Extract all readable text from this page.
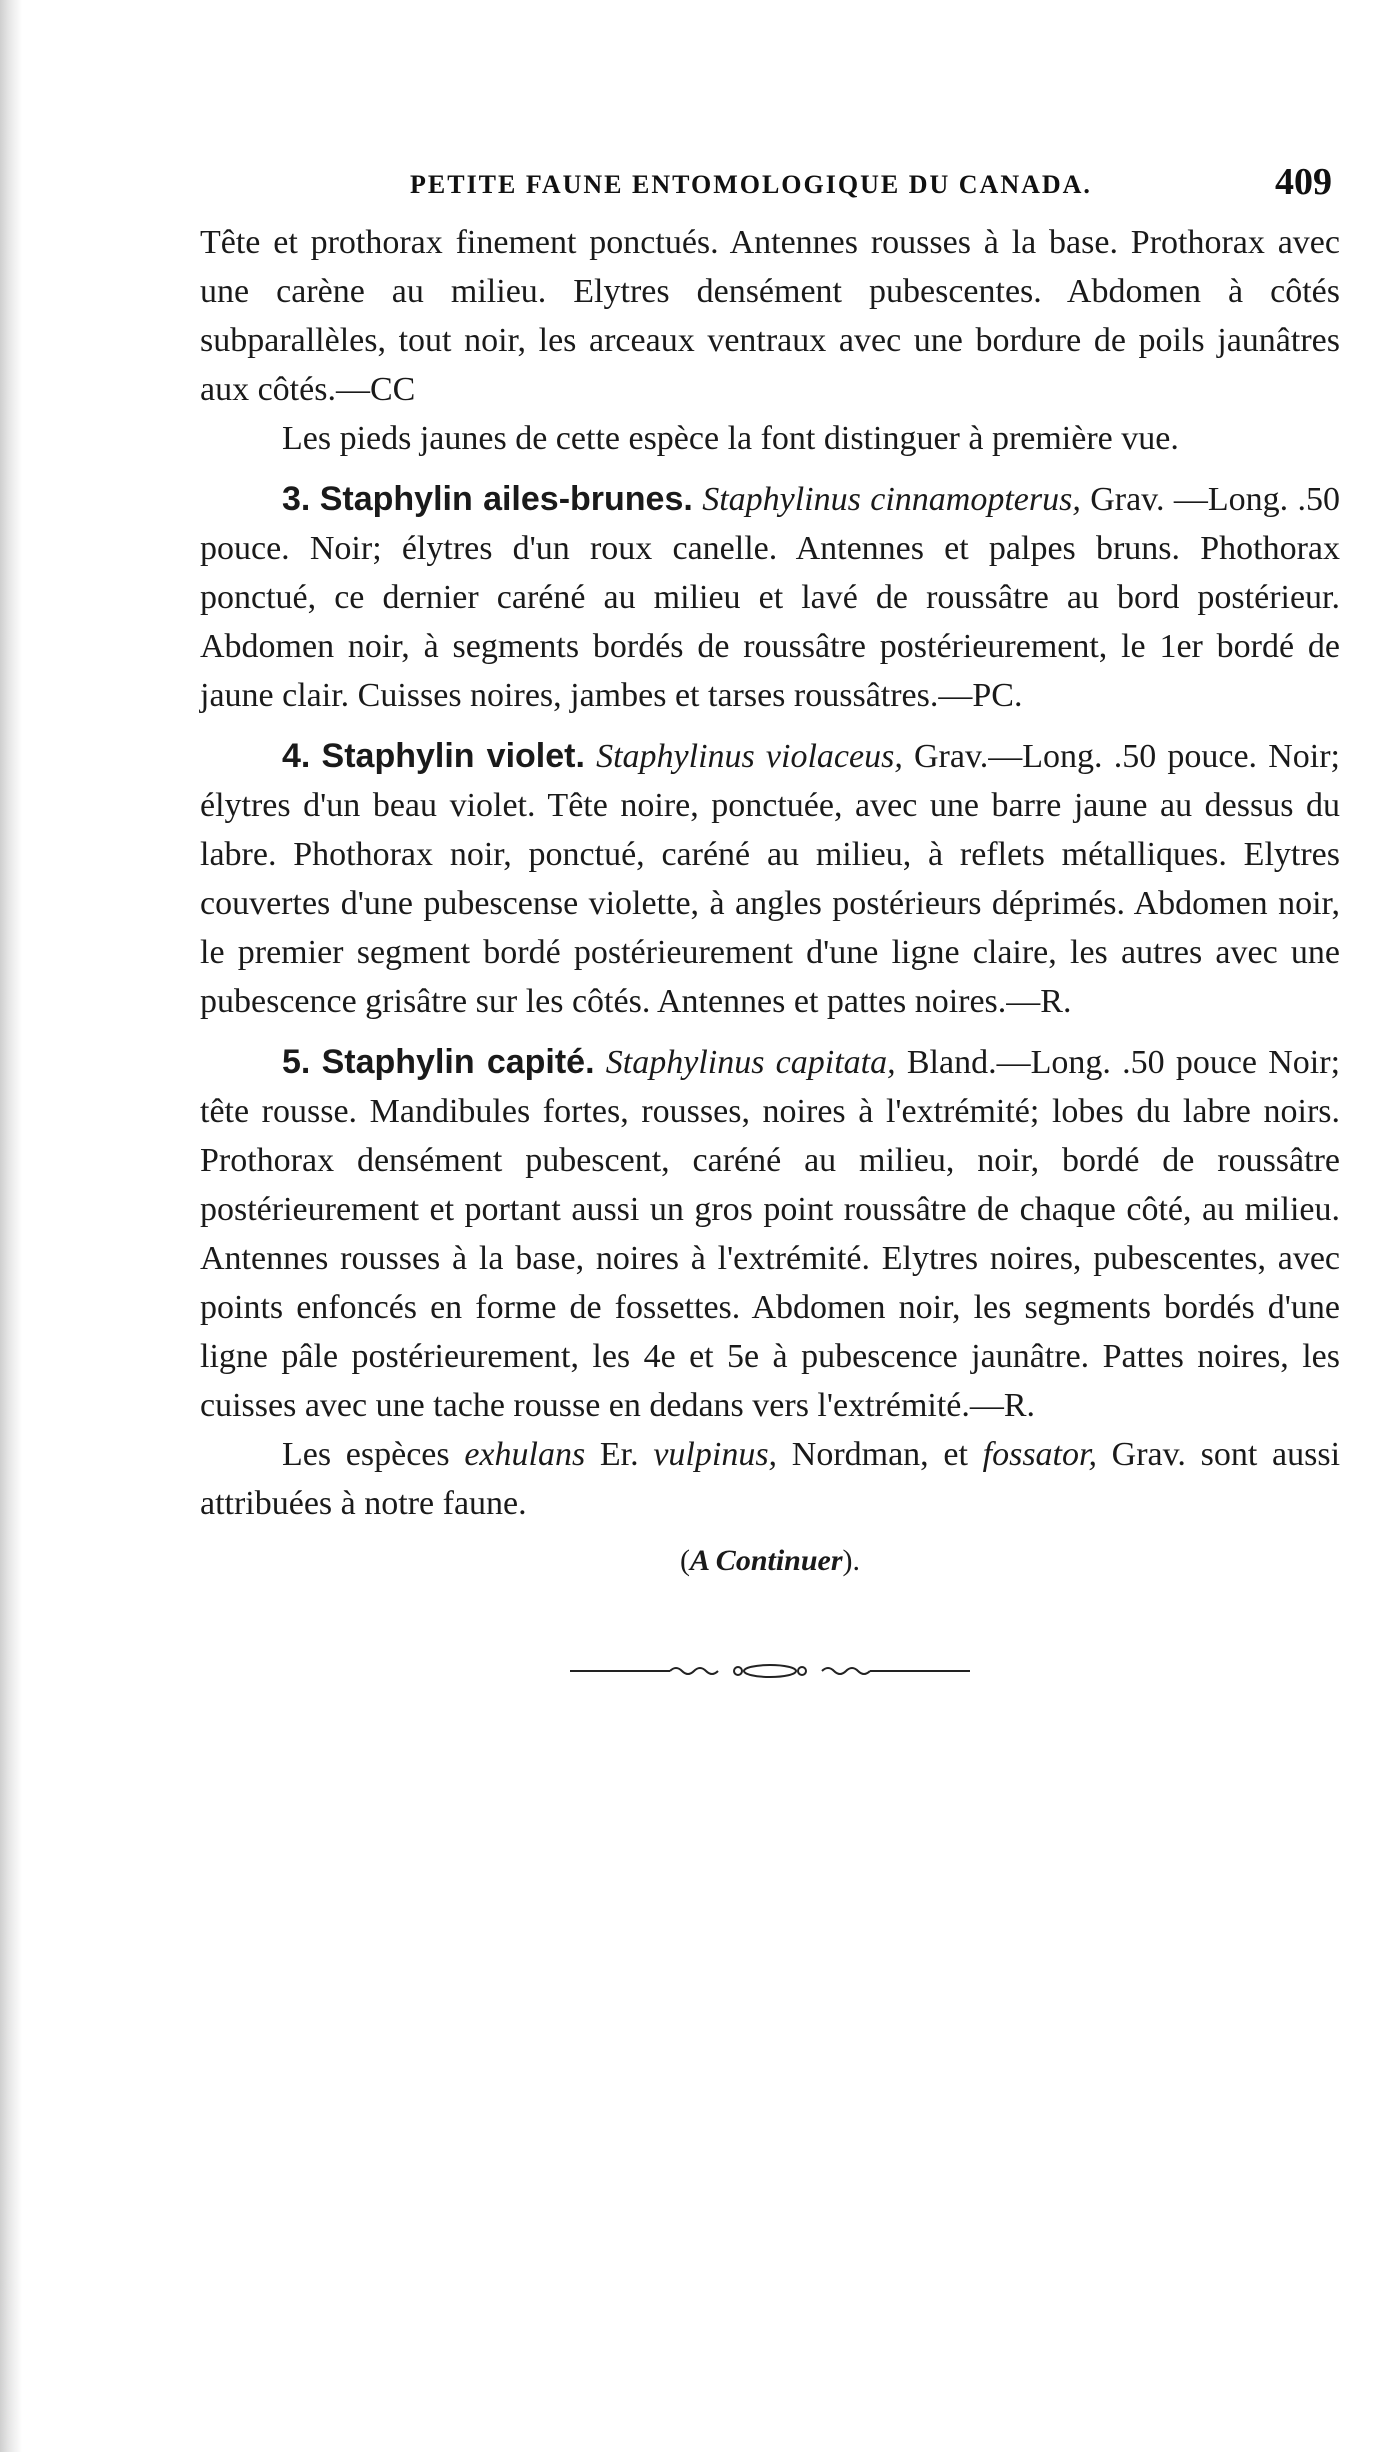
PETITE FAUNE ENTOMOLOGIQUE DU CANADA.	409

Tête et prothorax finement ponctués. Antennes rousses à la base. Prothorax avec une carène au milieu. Elytres densément pubescentes. Abdomen à côtés subparallèles, tout noir, les arceaux ventraux avec une bordure de poils jaunâtres aux côtés.—CC

Les pieds jaunes de cette espèce la font distinguer à première vue.

3. Staphylin ailes-brunes. Staphylinus cinnamopterus, Grav. —Long. .50 pouce. Noir; élytres d'un roux canelle. Antennes et palpes bruns. Phothorax ponctué, ce dernier caréné au milieu et lavé de roussâtre au bord postérieur. Abdomen noir, à segments bordés de roussâtre postérieurement, le 1er bordé de jaune clair. Cuisses noires, jambes et tarses roussâtres.—PC.

4. Staphylin violet. Staphylinus violaceus, Grav.—Long. .50 pouce. Noir; élytres d'un beau violet. Tête noire, ponctuée, avec une barre jaune au dessus du labre. Phothorax noir, ponctué, caréné au milieu, à reflets métalliques. Elytres couvertes d'une pubescense violette, à angles postérieurs déprimés. Abdomen noir, le premier segment bordé postérieurement d'une ligne claire, les autres avec une pubescence grisâtre sur les côtés. Antennes et pattes noires.—R.

5. Staphylin capité. Staphylinus capitata, Bland.—Long. .50 pouce Noir; tête rousse. Mandibules fortes, rousses, noires à l'extrémité; lobes du labre noirs. Prothorax densément pubescent, caréné au milieu, noir, bordé de roussâtre postérieurement et portant aussi un gros point roussâtre de chaque côté, au milieu. Antennes rousses à la base, noires à l'extrémité. Elytres noires, pubescentes, avec points enfoncés en forme de fossettes. Abdomen noir, les segments bordés d'une ligne pâle postérieurement, les 4e et 5e à pubescence jaunâtre. Pattes noires, les cuisses avec une tache rousse en dedans vers l'extrémité.—R.

Les espèces exhulans Er. vulpinus, Nordman, et fossator, Grav. sont aussi attribuées à notre faune.

(A Continuer).
